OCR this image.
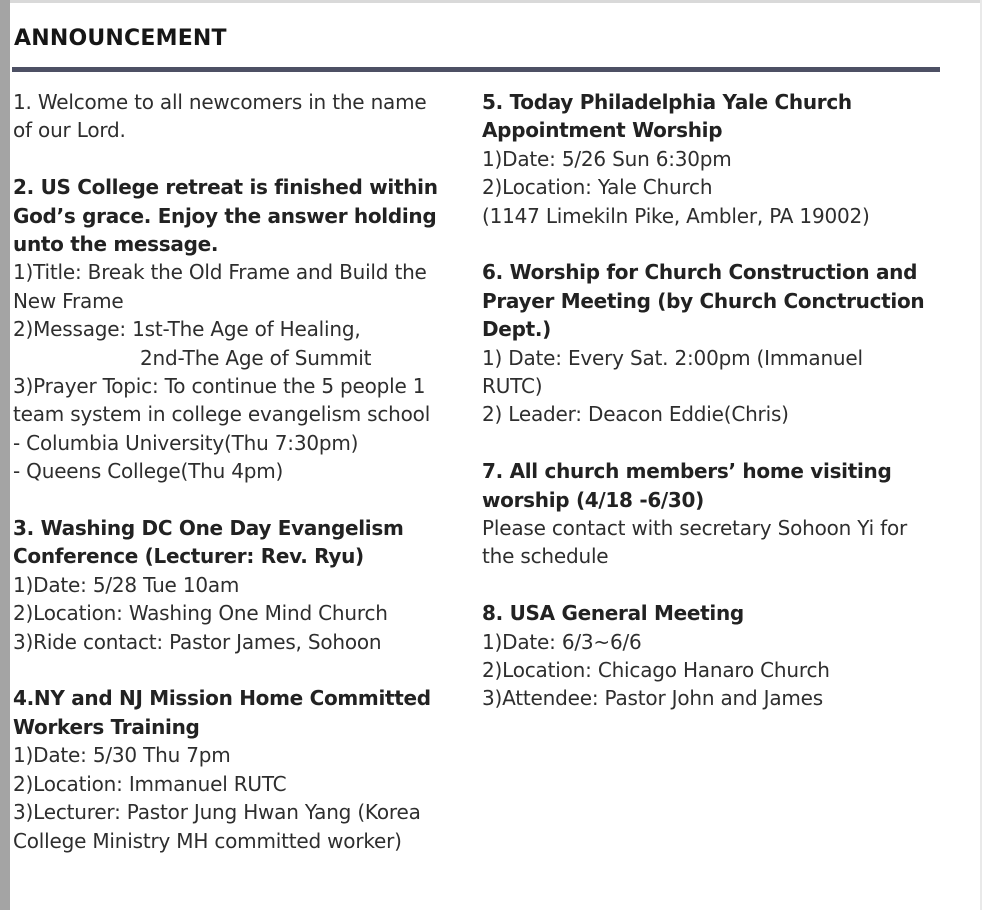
ANNOUNCEMENT

1. Welcome to all newcomers in the name

of our Lord.

2. US College retreat is finished within

God’s grace. Enjoy the answer holding

unto the message.

1)Title: Break the Old Frame and Build the

New Frame

2)Message: 1st-The Age of Healing,

2nd-The Age of Summit

3)Prayer Topic: To continue the 5 people 1

team system in college evangelism school

- Columbia University(Thu 7:30pm)

- Queens College(Thu 4pm)

3. Washing DC One Day Evangelism

Conference (Lecturer: Rev. Ryu)

1)Date: 5/28 Tue 10am

2)Location: Washing One Mind Church

3)Ride contact: Pastor James, Sohoon

4.NY and NJ Mission Home Committed

Workers Training

1)Date: 5/30 Thu 7pm

2)Location: Immanuel RUTC

3)Lecturer: Pastor Jung Hwan Yang (Korea

College Ministry MH committed worker)

5. Today Philadelphia Yale Church

Appointment Worship

1)Date: 5/26 Sun 6:30pm

2)Location: Yale Church

(1147 Limekiln Pike, Ambler, PA 19002)

6. Worship for Church Construction and

Prayer Meeting (by Church Conctruction

Dept.)

1) Date: Every Sat. 2:00pm (Immanuel

RUTC)

2) Leader: Deacon Eddie(Chris)

7. All church members’ home visiting

worship (4/18 -6/30)

Please contact with secretary Sohoon Yi for

the schedule

8. USA General Meeting

1)Date: 6/3~6/6

2)Location: Chicago Hanaro Church

3)Attendee: Pastor John and James
